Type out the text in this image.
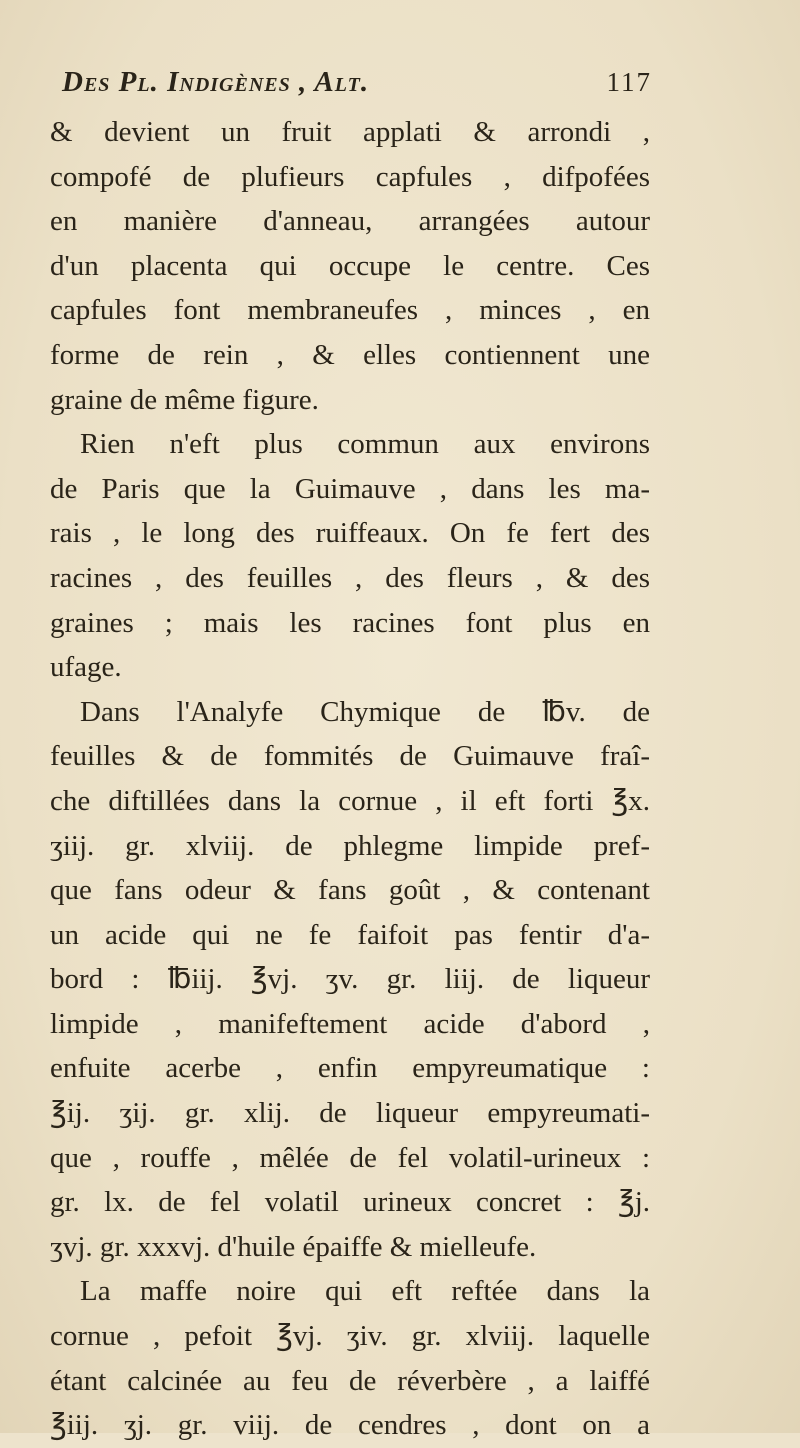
Des Pl. Indigènes , Alt.	117
& devient un fruit applati & arrondi ,
compofé de plufieurs capfules , difpofées
en manière d'anneau, arrangées autour
d'un placenta qui occupe le centre. Ces
capfules font membraneufes , minces , en
forme de rein , & elles contiennent une
graine de même figure.
Rien n'eft plus commun aux environs
de Paris que la Guimauve , dans les ma-
rais , le long des ruiffeaux. On fe fert des
racines , des feuilles , des fleurs , & des
graines ; mais les racines font plus en
ufage.
Dans l'Analyfe Chymique de ℔v. de
feuilles & de fommités de Guimauve fraî-
che diftillées dans la cornue , il eft forti ℥x.
ʒiij. gr. xlviij. de phlegme limpide pref-
que fans odeur & fans goût , & contenant
un acide qui ne fe faifoit pas fentir d'a-
bord : ℔iij. ℥vj. ʒv. gr. liij. de liqueur
limpide , manifeftement acide d'abord ,
enfuite acerbe , enfin empyreumatique :
℥ij. ʒij. gr. xlij. de liqueur empyreumati-
que , rouffe , mêlée de fel volatil-urineux :
gr. lx. de fel volatil urineux concret : ℥j.
ʒvj. gr. xxxvj. d'huile épaiffe & mielleufe.
La maffe noire qui eft reftée dans la
cornue , pefoit ℥vj. ʒiv. gr. xlviij. laquelle
étant calcinée au feu de réverbère , a laiffé
℥iij. ʒj. gr. viij. de cendres , dont on a
